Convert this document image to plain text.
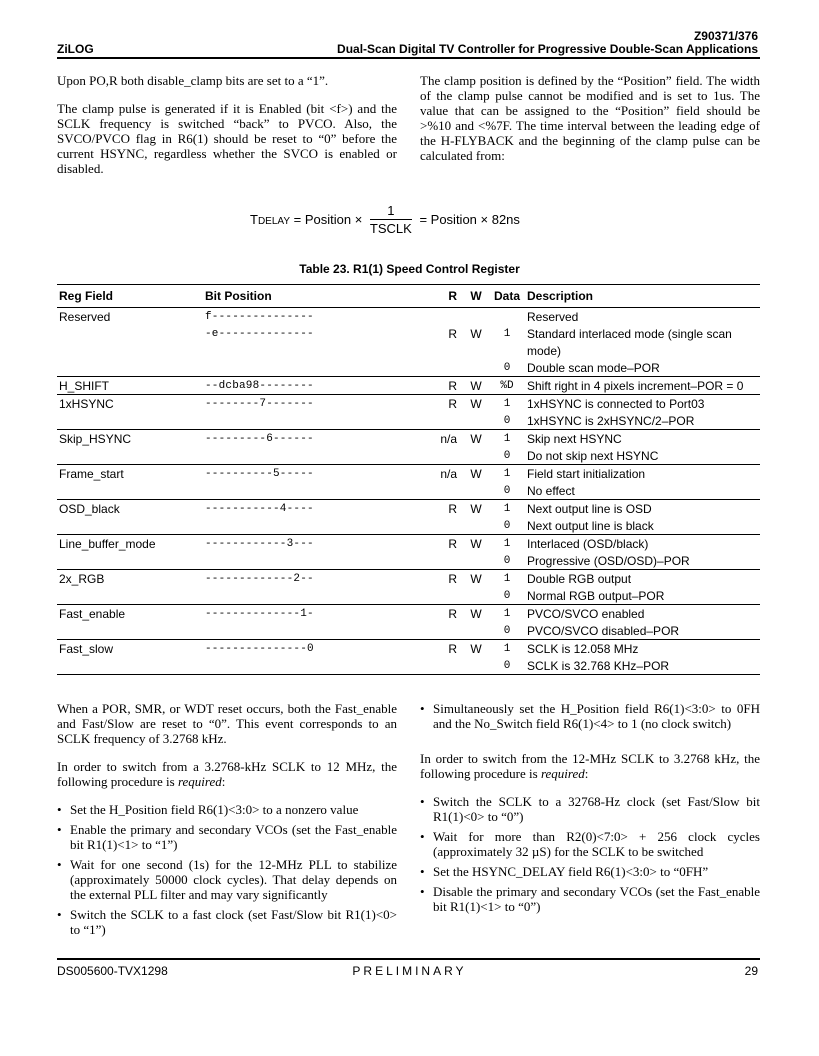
Z90371/376
ZiLOG	Dual-Scan Digital TV Controller for Progressive Double-Scan Applications

Upon PO,R both disable_clamp bits are set to a “1”.

The clamp pulse is generated if it is Enabled (bit <f>) and the SCLK frequency is switched “back” to PVCO. Also, the SVCO/PVCO flag in R6(1) should be reset to “0” before the current HSYNC, regardless whether the SVCO is enabled or disabled.

The clamp position is defined by the “Position” field. The width of the clamp pulse cannot be modified and is set to 1us. The value that can be assigned to the “Position” field should be >%10 and <%7F. The time interval between the leading edge of the H-FLYBACK and the beginning of the clamp pulse can be calculated from:

TDELAY = Position × $\frac{1}{\text{TSCLK}}$ = Position × 82ns
Table 23. R1(1) Speed Control Register
Reg Field	Bit Position	R	W	Data	Description
Reserved	f---------------				Reserved
	-e--------------	R	W	1	Standard interlaced mode (single scan
					mode)
				0	Double scan mode–POR
H_SHIFT	--dcba98--------	R	W	%D	Shift right in 4 pixels increment–POR = 0
1xHSYNC	--------7-------	R	W	1	1xHSYNC is connected to Port03
				0	1xHSYNC is 2xHSYNC/2–POR
Skip_HSYNC	---------6------	n/a	W	1	Skip next HSYNC
				0	Do not skip next HSYNC
Frame_start	----------5-----	n/a	W	1	Field start initialization
				0	No effect
OSD_black	-----------4----	R	W	1	Next output line is OSD
				0	Next output line is black
Line_buffer_mode	------------3---	R	W	1	Interlaced (OSD/black)
				0	Progressive (OSD/OSD)–POR
2x_RGB	-------------2--	R	W	1	Double RGB output
				0	Normal RGB output–POR
Fast_enable	--------------1-	R	W	1	PVCO/SVCO enabled
				0	PVCO/SVCO disabled–POR
Fast_slow	---------------0	R	W	1	SCLK is 12.058 MHz
				0	SCLK is 32.768 KHz–POR

When a POR, SMR, or WDT reset occurs, both the Fast_enable and Fast/Slow are reset to “0”. This event corresponds to an SCLK frequency of 3.2768 kHz.

In order to switch from a 3.2768-kHz SCLK to 12 MHz, the following procedure is required:

• Set the H_Position field R6(1)<3:0> to a nonzero value
• Enable the primary and secondary VCOs (set the Fast_enable bit R1(1)<1> to “1”)
• Wait for one second (1s) for the 12-MHz PLL to stabilize (approximately 50000 clock cycles). That delay depends on the external PLL filter and may vary significantly
• Switch the SCLK to a fast clock (set Fast/Slow bit R1(1)<0> to “1”)
• Simultaneously set the H_Position field R6(1)<3:0> to 0FH and the No_Switch field R6(1)<4> to 1 (no clock switch)

In order to switch from the 12-MHz SCLK to 3.2768 kHz, the following procedure is required:

• Switch the SCLK to a 32768-Hz clock (set Fast/Slow bit R1(1)<0> to “0”)
• Wait for more than R2(0)<7:0> + 256 clock cycles (approximately 32 µS) for the SCLK to be switched
• Set the HSYNC_DELAY field R6(1)<3:0> to “0FH”
• Disable the primary and secondary VCOs (set the Fast_enable bit R1(1)<1> to “0”)
DS005600-TVX1298	PRELIMINARY	29
